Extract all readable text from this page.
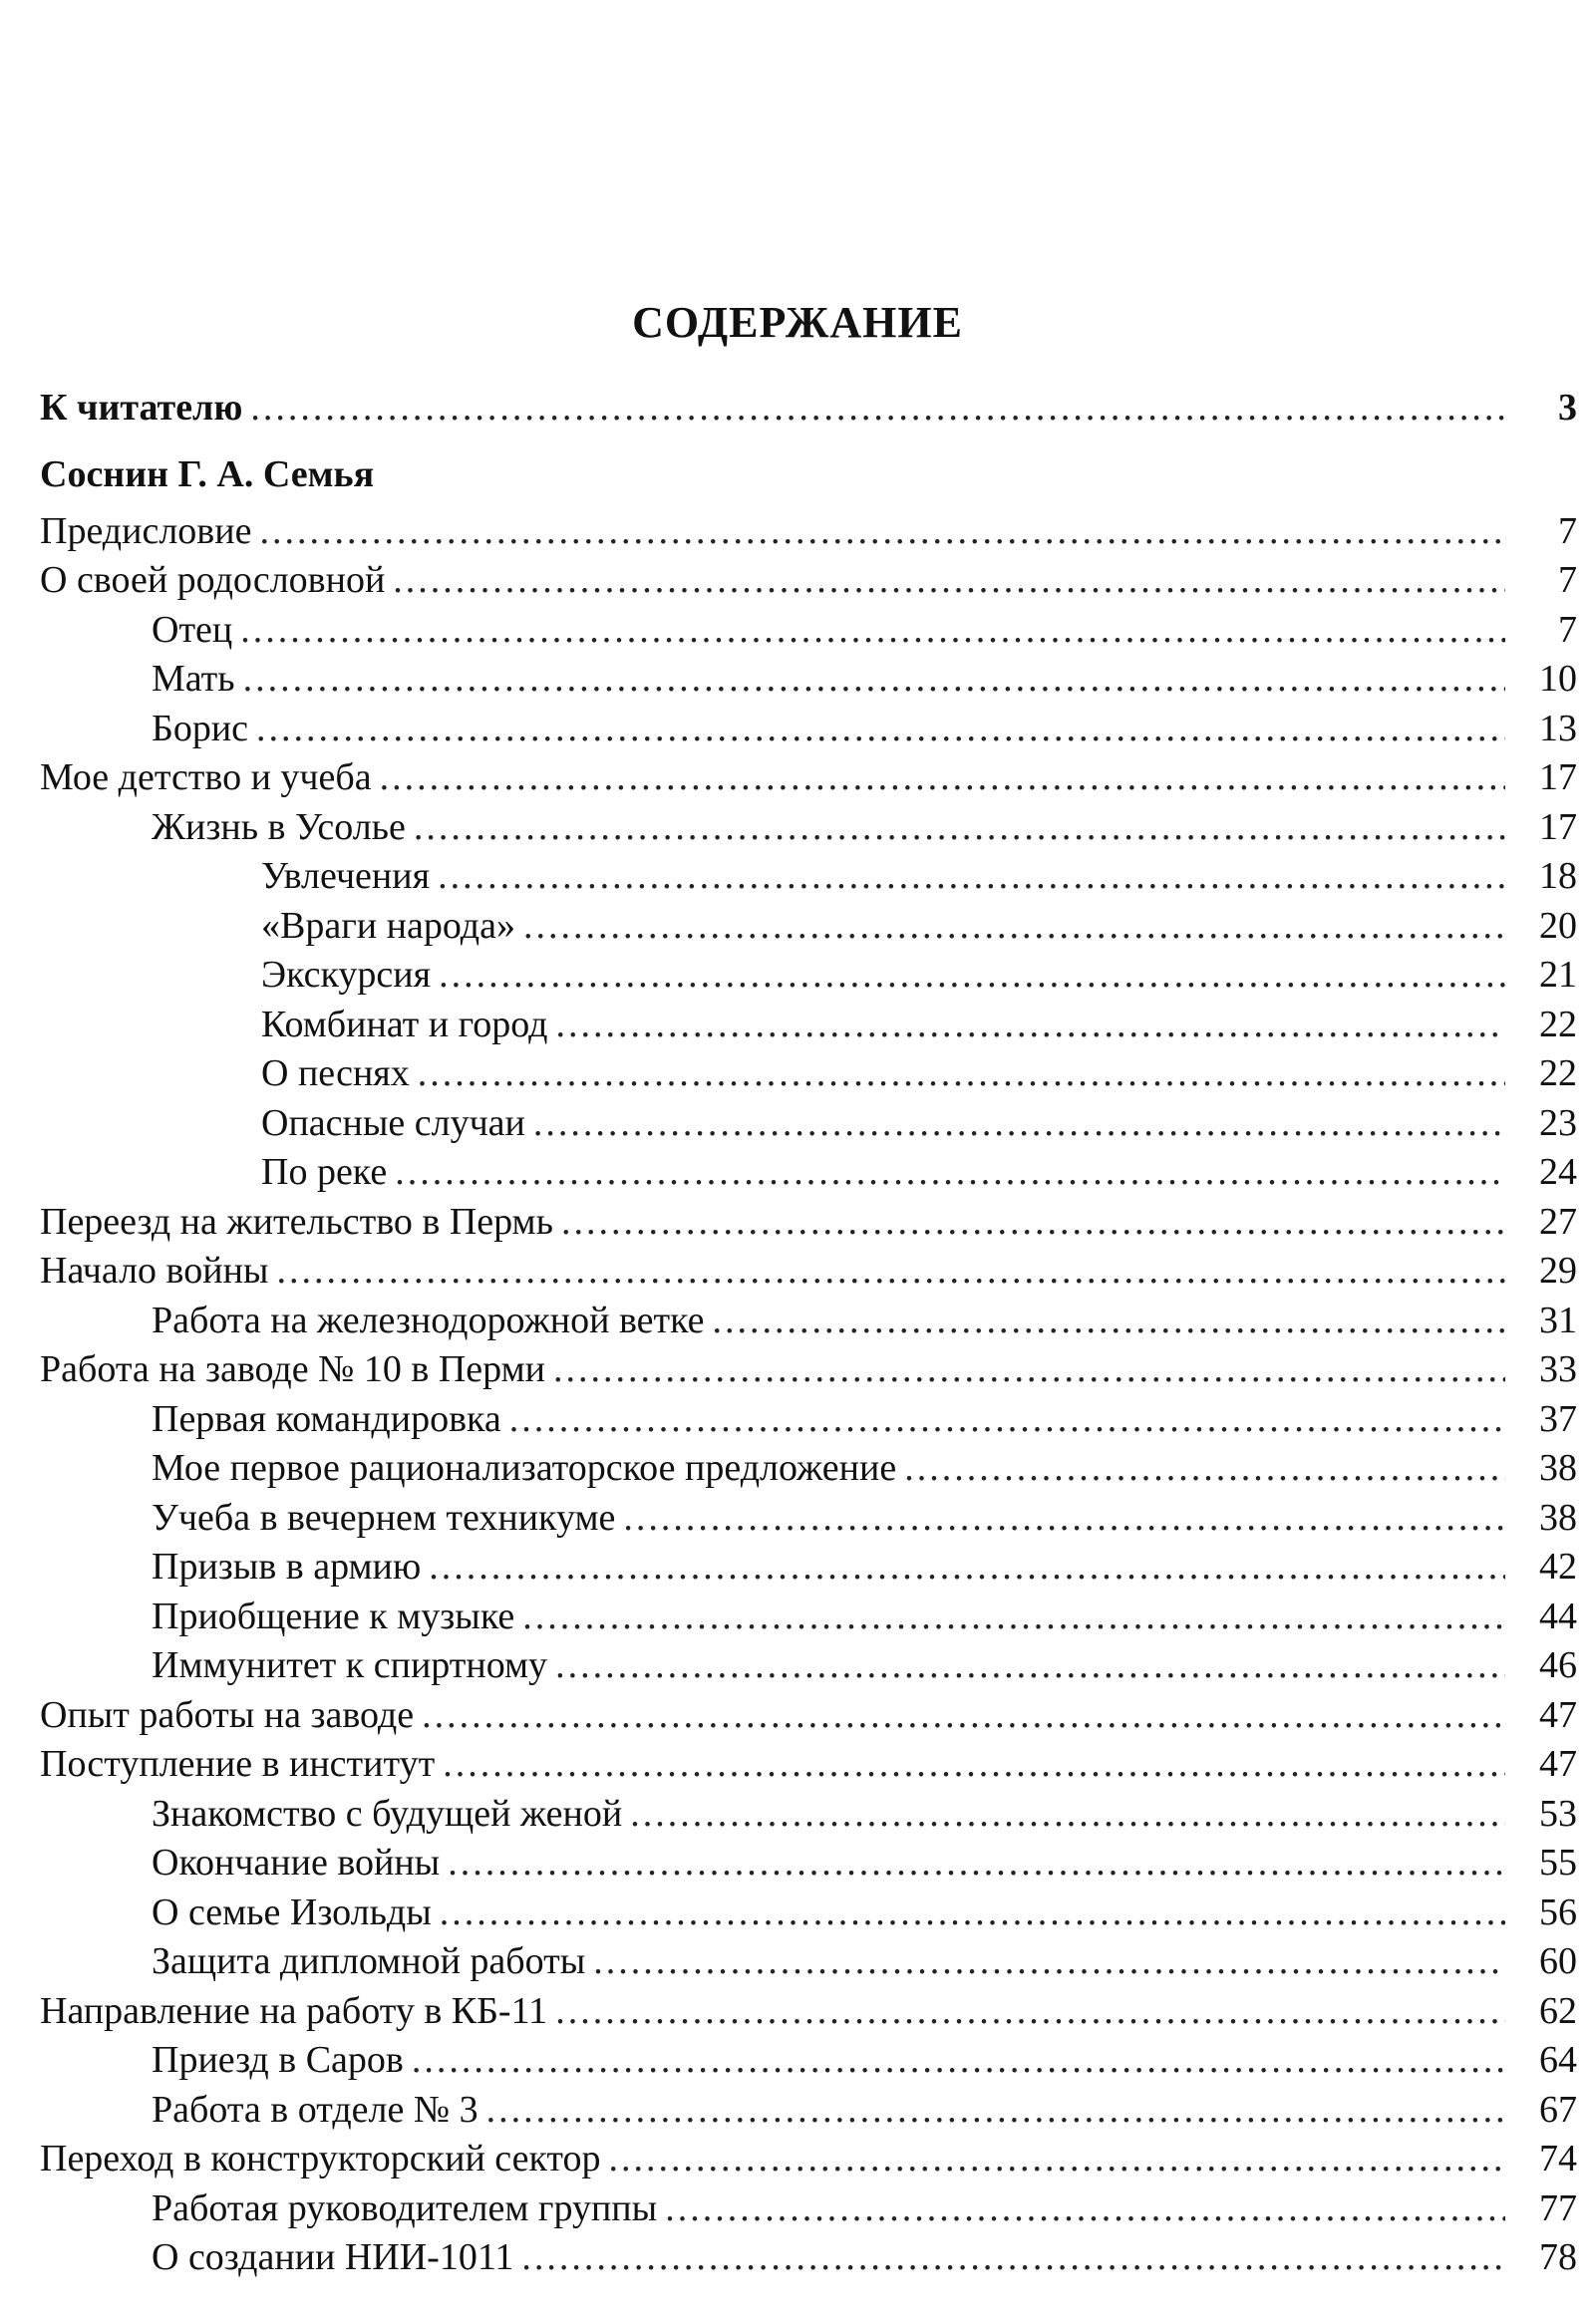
СОДЕРЖАНИЕ
К читателю .....	3
Соснин Г. А. Семья
Предисловие .....	7
О своей родословной .....	7
Отец .....	7
Мать .....	10
Борис .....	13
Мое детство и учеба .....	17
Жизнь в Усолье .....	17
Увлечения .....	18
«Враги народа» .....	20
Экскурсия .....	21
Комбинат и город .....	22
О песнях .....	22
Опасные случаи .....	23
По реке .....	24
Переезд на жительство в Пермь .....	27
Начало войны .....	29
Работа на железнодорожной ветке .....	31
Работа на заводе № 10 в Перми .....	33
Первая командировка .....	37
Мое первое рационализаторское предложение .....	38
Учеба в вечернем техникуме .....	38
Призыв в армию .....	42
Приобщение к музыке .....	44
Иммунитет к спиртному .....	46
Опыт работы на заводе .....	47
Поступление в институт .....	47
Знакомство с будущей женой .....	53
Окончание войны .....	55
О семье Изольды .....	56
Защита дипломной работы .....	60
Направление на работу в КБ-11 .....	62
Приезд в Саров .....	64
Работа в отделе № 3 .....	67
Переход в конструкторский сектор .....	74
Работая руководителем группы .....	77
О создании НИИ-1011 .....	78
